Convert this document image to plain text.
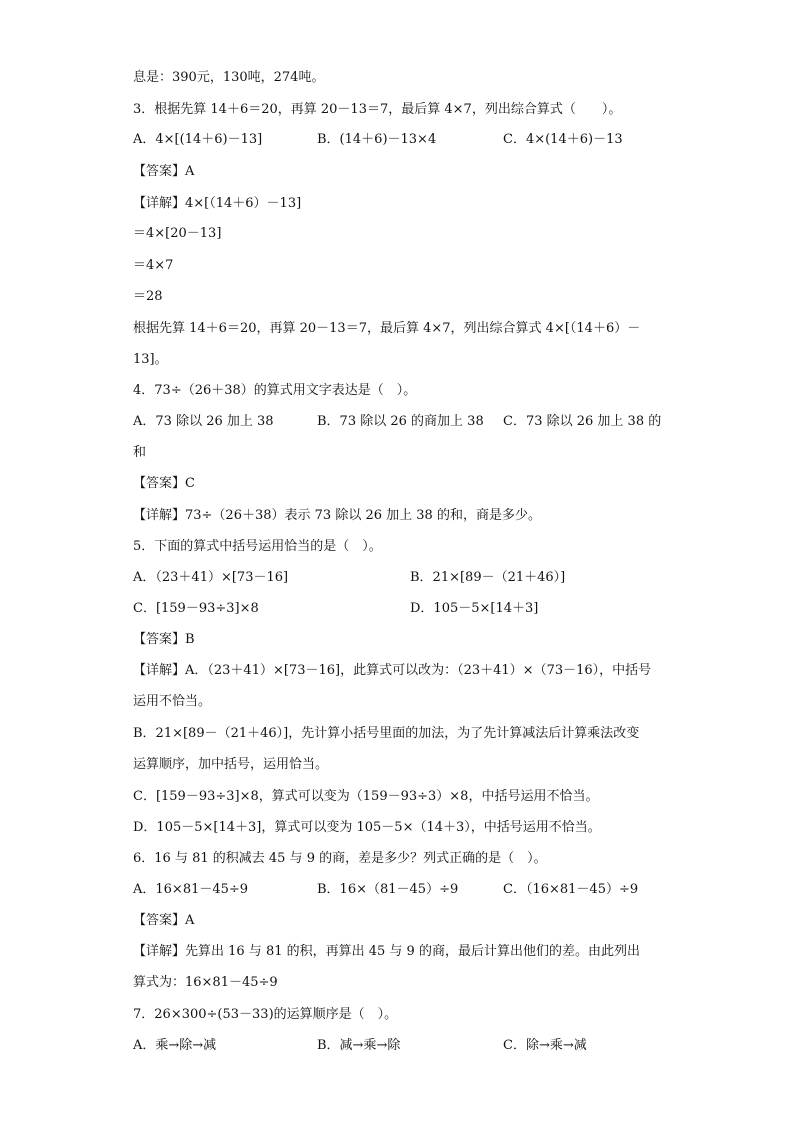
息是：390元，130吨，274吨。
3．根据先算 14＋6＝20，再算 20－13＝7，最后算 4×7，列出综合算式（　　）。
A．4×[(14＋6)－13]	B．(14＋6)－13×4	C．4×(14＋6)－13
【答案】A
【详解】4×[（14＋6）－13]
＝4×[20－13]
＝4×7
＝28
根据先算 14＋6＝20，再算 20－13＝7，最后算 4×7，列出综合算式 4×[（14＋6）－
13]。
4．73÷（26＋38）的算式用文字表达是（　）。
A．73 除以 26 加上 38	B．73 除以 26 的商加上 38 C．73 除以 26 加上 38 的
和
【答案】C
【详解】73÷（26＋38）表示 73 除以 26 加上 38 的和，商是多少。
5．下面的算式中括号运用恰当的是（　）。
A．（23＋41）×[73－16]	B．21×[89－（21＋46）]
C．[159－93÷3]×8	D．105－5×[14＋3]
【答案】B
【详解】A．（23＋41）×[73－16]，此算式可以改为：（23＋41）×（73－16），中括号
运用不恰当。
B．21×[89－（21＋46）]，先计算小括号里面的加法，为了先计算减法后计算乘法改变
运算顺序，加中括号，运用恰当。
C．[159－93÷3]×8，算式可以变为（159－93÷3）×8，中括号运用不恰当。
D．105－5×[14＋3]，算式可以变为 105－5×（14＋3），中括号运用不恰当。
6．16 与 81 的积减去 45 与 9 的商，差是多少？列式正确的是（　）。
A．16×81－45÷9	B．16×（81－45）÷9	C．（16×81－45）÷9
【答案】A
【详解】先算出 16 与 81 的积，再算出 45 与 9 的商，最后计算出他们的差。由此列出
算式为：16×81－45÷9
7．26×300÷(53－33)的运算顺序是（　）。
A．乘→除→减	B．减→乘→除	C．除→乘→减
